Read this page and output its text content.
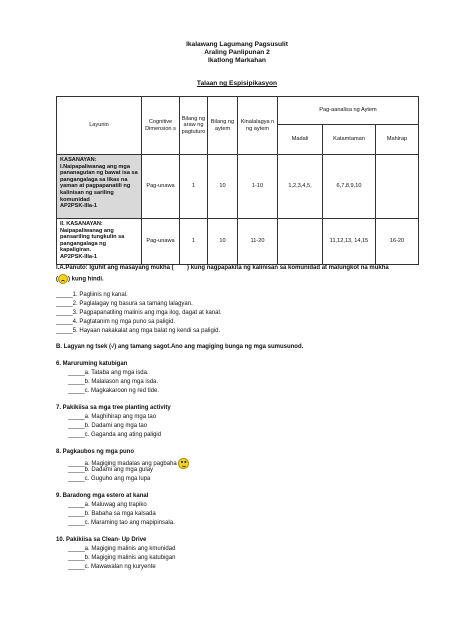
Ikalawang Lagumang Pagsusulit
Araling Panlipunan 2
Ikatlong Markahan
Talaan ng Espisipikasyon
Layunin	Cognitive Dimension s	Bilang ng araw ng pagtuturo	Bilang ng aytem	Kinalalagya n ng aytem	Pag-aanalisa ng Aytem		
					Madali	Katamtaman	Mahirap

KASANAYAN:
I.Naipapaliwanag ang mga pananagutan ng bawat isa sa pangangalaga sa likas na yaman at pagpapanatili ng kalinisan ng sariling komunidad
AP2PSK-IIIa-1	Pag-unawa	1	10	1-10	1,2,3,4,5,	6,7,8,9,10	

II. KASANAYAN:
Naipapaliwanag ang pansariling tungkulin sa pangangalaga ng kapaligiran.
AP2PSK-IIIa-1	Pag-unawa	1	10	11-20		11,12,13, 14,15	16-20
I.A.Panuto: Iguhit ang masayang mukha ( ) kung nagpapakita ng kalinisan sa komunidad at malungkot na mukha
( ) kung hindi.
_____1. Pagliinis ng kanal.
_____2. Paglalagay ng basura sa tamang lalagyan.
_____3. Pagpapanatiling malinis ang mga ilog, dagat at kanal.
_____4. Pagtatanim ng mga puno sa paligid.
_____5. Hayaan nakakalat ang mga balat ng kendi sa paligid.
B. Lagyan ng tsek (√) ang tamang sagot.Ano ang magiging bunga ng mga sumusunod.
6. Maruruming katubigan
_____a. Tataba ang mga isda.
_____b. Malalason ang mga isda.
_____c. Magkakaroon ng red tide.
7. Pakikiisa sa mga tree planting activity
_____a. Maghihirap ang mga tao
_____b. Dadami ang mga tao
_____c. Gaganda ang ating paligid
8. Pagkaubos ng mga puno
_____a. Magiging madalas ang pagbaha
_____b. Dadami ang mga gulay
_____c. Guguho ang mga lupa
9. Baradong mga estero at kanal
_____a. Maluwag ang trapiko
_____b. Babaha sa mga kalsada
_____c. Maraming tao ang mapipinsala.
10. Pakikiisa sa Clean- Up Drive
_____a. Magiging malinis ang kmunidad
_____b. Magiging malinis ang katubigan
_____c. Mawawalan ng kuryente
